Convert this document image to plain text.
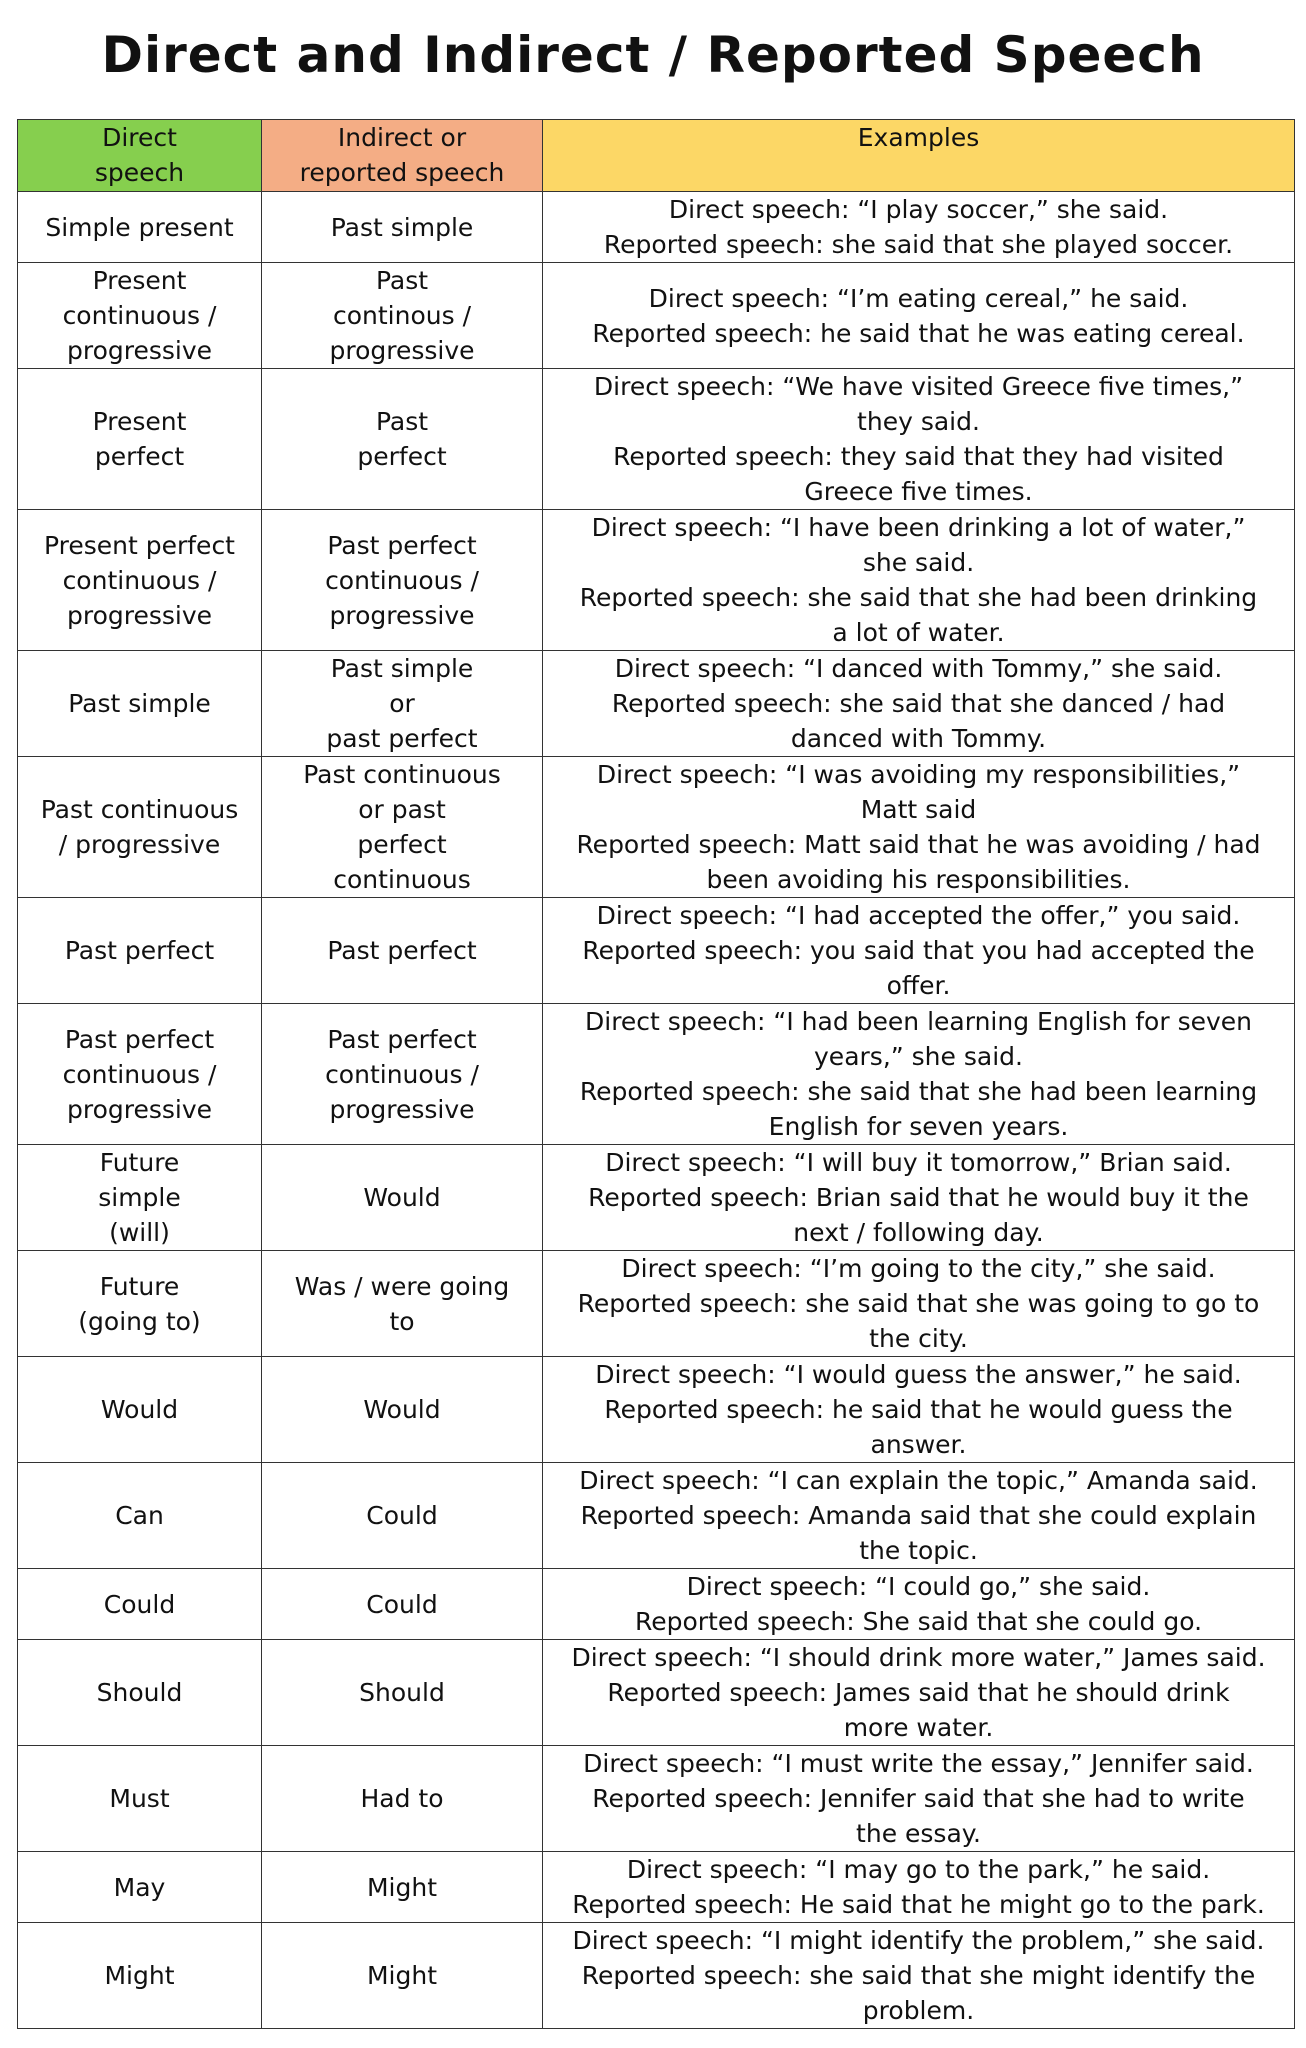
Direct and Indirect / Reported Speech
Direct
speech	Indirect or
reported speech	Examples
Simple present	Past simple	Direct speech: “I play soccer,” she said.
Reported speech: she said that she played soccer.
Present
continuous /
progressive	Past
continous /
progressive	Direct speech: “I’m eating cereal,” he said.
Reported speech: he said that he was eating cereal.
Present
perfect	Past
perfect	Direct speech: “We have visited Greece five times,”
they said.
Reported speech: they said that they had visited
Greece five times.
Present perfect
continuous /
progressive	Past perfect
continuous /
progressive	Direct speech: “I have been drinking a lot of water,”
she said.
Reported speech: she said that she had been drinking
a lot of water.
Past simple	Past simple
or
past perfect	Direct speech: “I danced with Tommy,” she said.
Reported speech: she said that she danced / had
danced with Tommy.
Past continuous
/ progressive	Past continuous
or past
perfect
continuous	Direct speech: “I was avoiding my responsibilities,”
Matt said
Reported speech: Matt said that he was avoiding / had
been avoiding his responsibilities.
Past perfect	Past perfect	Direct speech: “I had accepted the offer,” you said.
Reported speech: you said that you had accepted the
offer.
Past perfect
continuous /
progressive	Past perfect
continuous /
progressive	Direct speech: “I had been learning English for seven
years,” she said.
Reported speech: she said that she had been learning
English for seven years.
Future
simple
(will)	Would	Direct speech: “I will buy it tomorrow,” Brian said.
Reported speech: Brian said that he would buy it the
next / following day.
Future
(going to)	Was / were going
to	Direct speech: “I’m going to the city,” she said.
Reported speech: she said that she was going to go to
the city.
Would	Would	Direct speech: “I would guess the answer,” he said.
Reported speech: he said that he would guess the
answer.
Can	Could	Direct speech: “I can explain the topic,” Amanda said.
Reported speech: Amanda said that she could explain
the topic.
Could	Could	Direct speech: “I could go,” she said.
Reported speech: She said that she could go.
Should	Should	Direct speech: “I should drink more water,” James said.
Reported speech: James said that he should drink
more water.
Must	Had to	Direct speech: “I must write the essay,” Jennifer said.
Reported speech: Jennifer said that she had to write
the essay.
May	Might	Direct speech: “I may go to the park,” he said.
Reported speech: He said that he might go to the park.
Might	Might	Direct speech: “I might identify the problem,” she said.
Reported speech: she said that she might identify the
problem.
